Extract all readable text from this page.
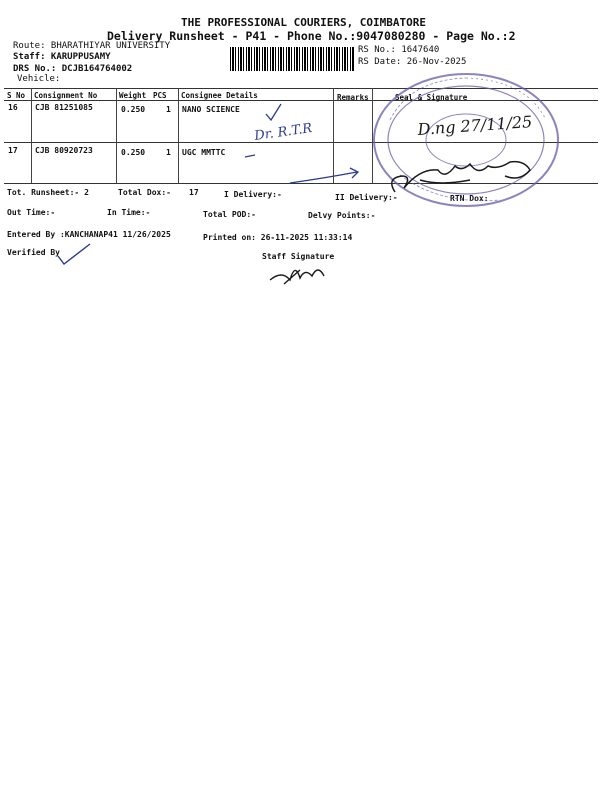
THE PROFESSIONAL COURIERS, COIMBATORE
Delivery Runsheet - P41 - Phone No.:9047080280 - Page No.:2
Route: BHARATHIYAR UNIVERSITY
Staff: KARUPPUSAMY
DRS No.: DCJB164764002
Vehicle:
RS No.: 1647640
RS Date: 26-Nov-2025
S No Consignment No	Weight PCS Consignee Details	Remarks	Seal & Signature
16 CJB 81251085	0.250	1 NANO SCIENCE
17 CJB 80920723	0.250	1 UGC MMTTC
Tot. Runsheet:- 2	Total Dox:- 17	I Delivery:-	II Delivery:-	RTN Dox:
Out Time:-	In Time:-	Total POD:-	Delvy Points:-
Entered By :KANCHANAP41 11/26/2025	Printed on: 26-11-2025 11:33:14
Verified By	Staff Signature
Dr. R.T.R	D.ng 27/11/25
